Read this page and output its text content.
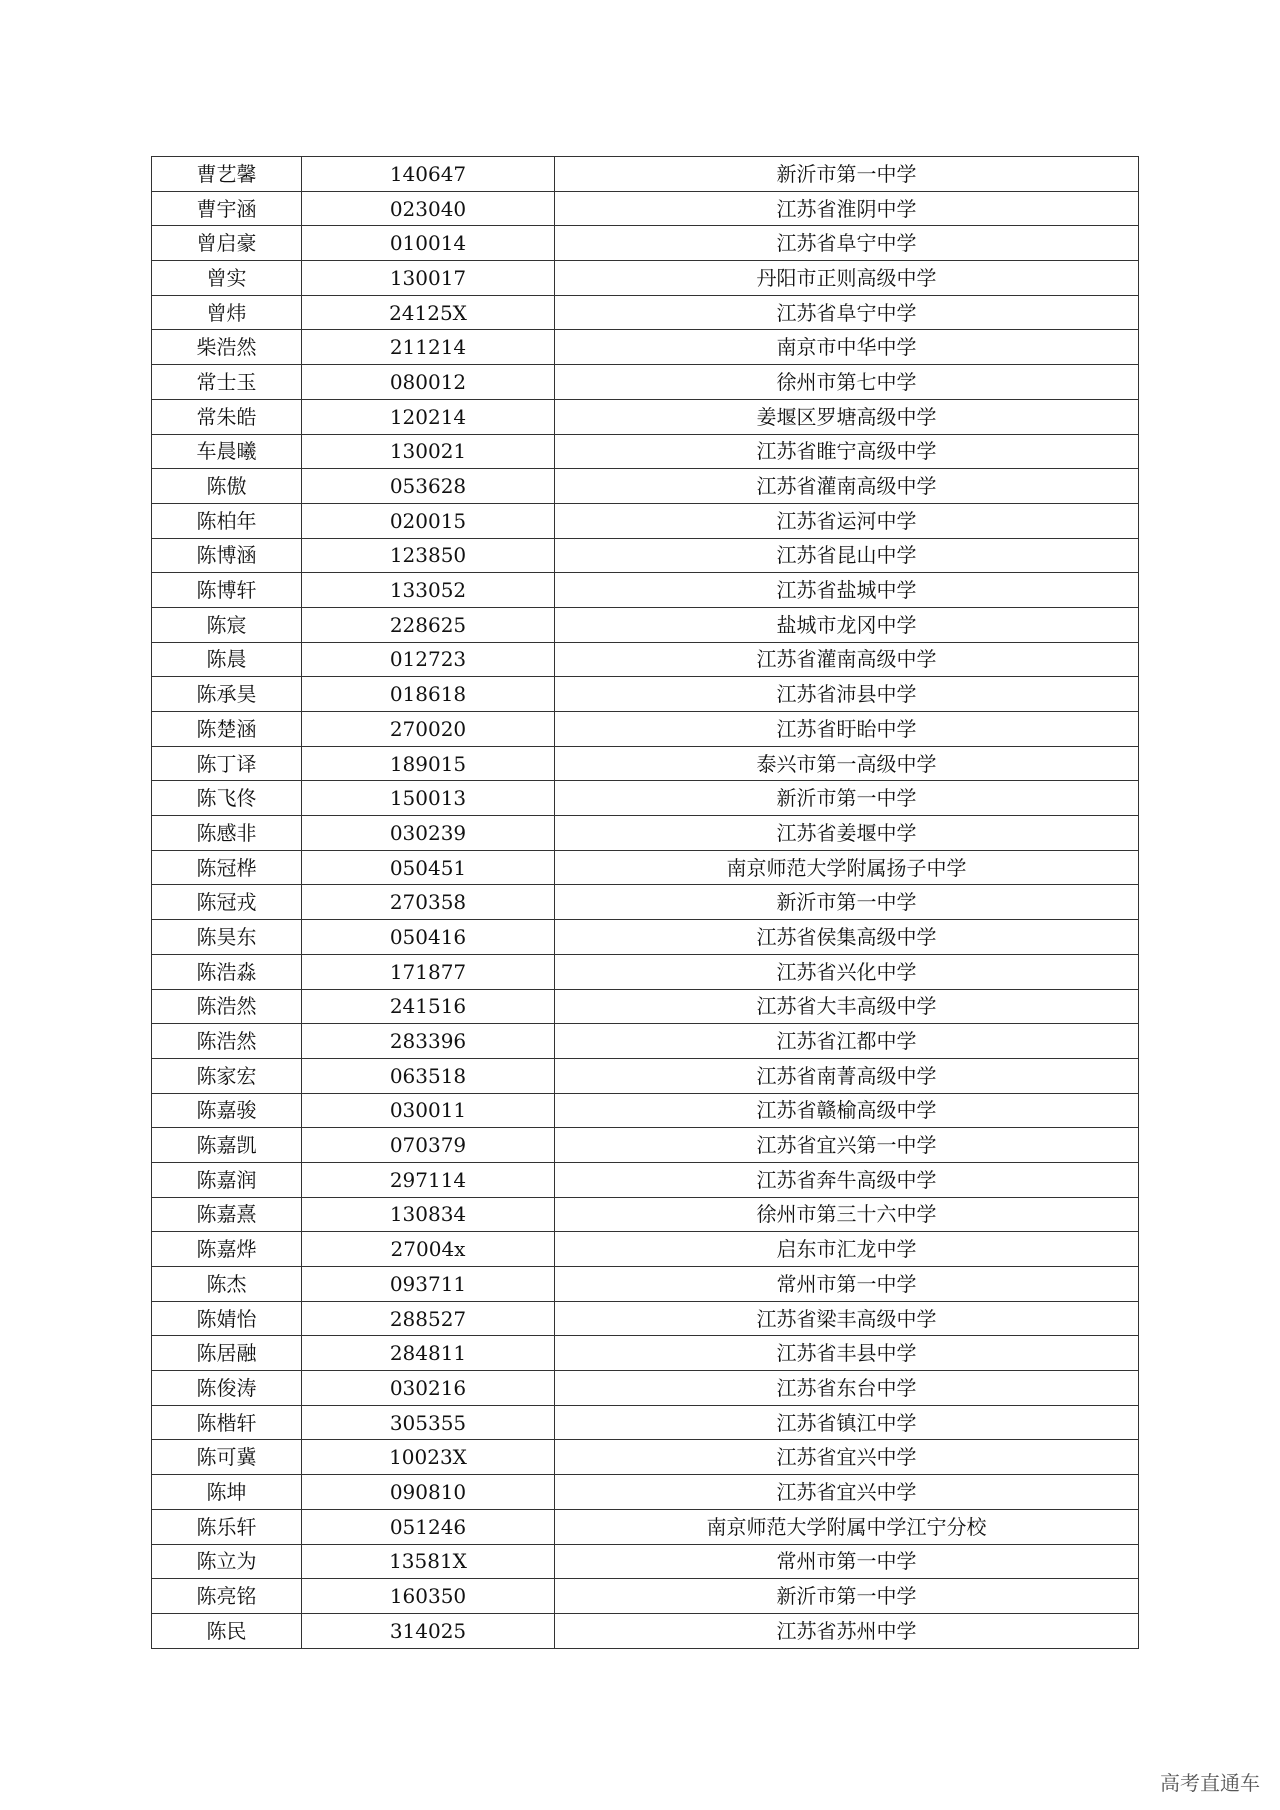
曹艺馨	140647	新沂市第一中学
曹宇涵	023040	江苏省淮阴中学
曾启豪	010014	江苏省阜宁中学
曾实	130017	丹阳市正则高级中学
曾炜	24125X	江苏省阜宁中学
柴浩然	211214	南京市中华中学
常士玉	080012	徐州市第七中学
常朱皓	120214	姜堰区罗塘高级中学
车晨曦	130021	江苏省睢宁高级中学
陈傲	053628	江苏省灌南高级中学
陈柏年	020015	江苏省运河中学
陈博涵	123850	江苏省昆山中学
陈博轩	133052	江苏省盐城中学
陈宸	228625	盐城市龙冈中学
陈晨	012723	江苏省灌南高级中学
陈承昊	018618	江苏省沛县中学
陈楚涵	270020	江苏省盱眙中学
陈丁译	189015	泰兴市第一高级中学
陈飞佟	150013	新沂市第一中学
陈感非	030239	江苏省姜堰中学
陈冠桦	050451	南京师范大学附属扬子中学
陈冠戎	270358	新沂市第一中学
陈昊东	050416	江苏省侯集高级中学
陈浩淼	171877	江苏省兴化中学
陈浩然	241516	江苏省大丰高级中学
陈浩然	283396	江苏省江都中学
陈家宏	063518	江苏省南菁高级中学
陈嘉骏	030011	江苏省赣榆高级中学
陈嘉凯	070379	江苏省宜兴第一中学
陈嘉润	297114	江苏省奔牛高级中学
陈嘉熹	130834	徐州市第三十六中学
陈嘉烨	27004x	启东市汇龙中学
陈杰	093711	常州市第一中学
陈婧怡	288527	江苏省梁丰高级中学
陈居融	284811	江苏省丰县中学
陈俊涛	030216	江苏省东台中学
陈楷轩	305355	江苏省镇江中学
陈可冀	10023X	江苏省宜兴中学
陈坤	090810	江苏省宜兴中学
陈乐轩	051246	南京师范大学附属中学江宁分校
陈立为	13581X	常州市第一中学
陈亮铭	160350	新沂市第一中学
陈民	314025	江苏省苏州中学
高考直通车
